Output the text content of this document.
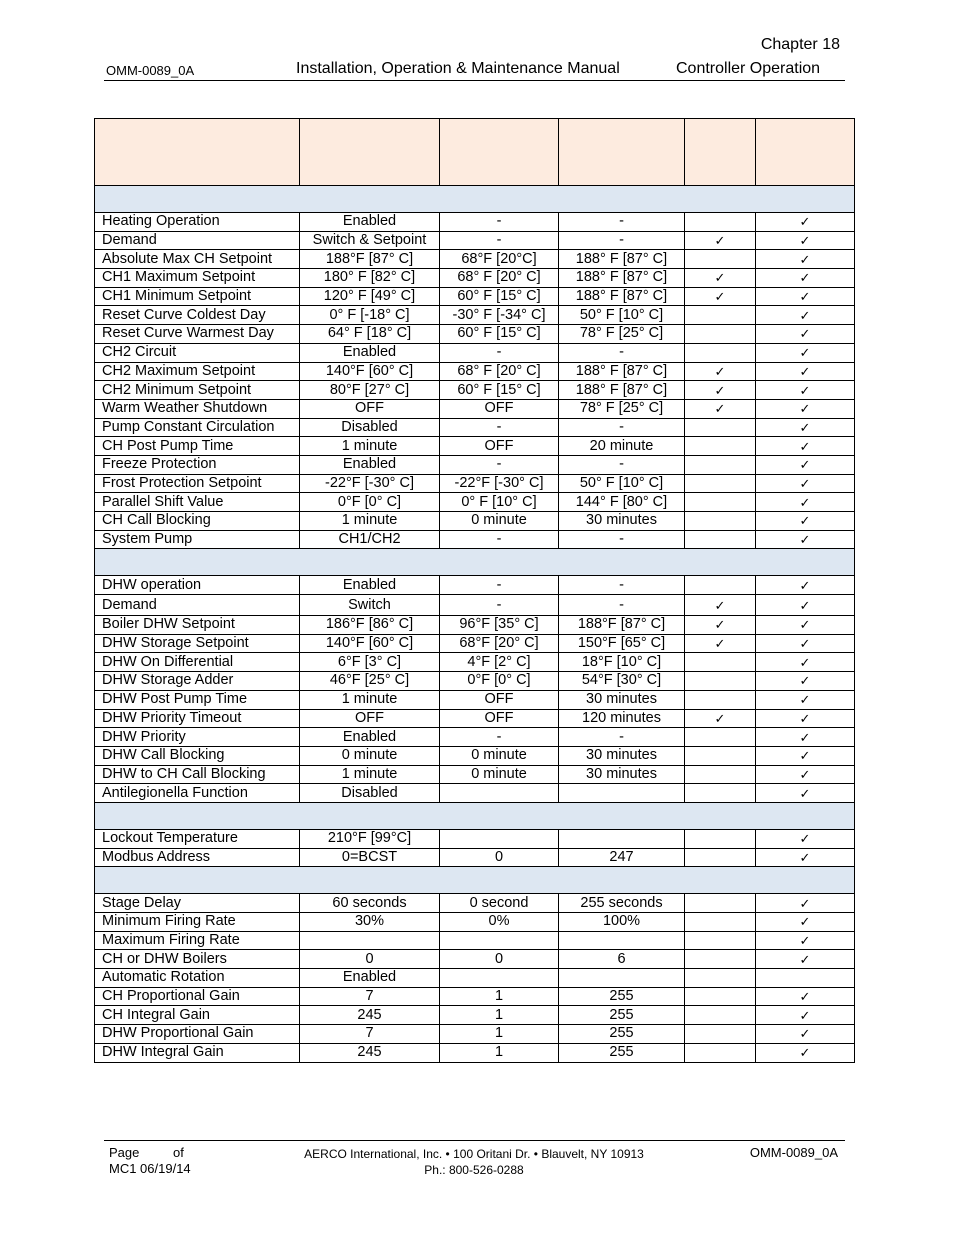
Chapter 18
OMM-0089_0A	Installation, Operation & Maintenance Manual	Controller Operation

Heating Operation	Enabled	-	-		✓
Demand	Switch & Setpoint	-	-	✓	✓
Absolute Max CH Setpoint	188°F [87° C]	68°F [20°C]	188° F [87° C]		✓
CH1 Maximum Setpoint	180° F [82° C]	68° F [20° C]	188° F [87° C]	✓	✓
CH1 Minimum Setpoint	120° F [49° C]	60° F [15° C]	188° F [87° C]	✓	✓
Reset Curve Coldest Day	0° F [-18° C]	-30° F [-34° C]	50° F [10° C]		✓
Reset Curve Warmest Day	64° F [18° C]	60° F [15° C]	78° F [25° C]		✓
CH2 Circuit	Enabled	-	-		✓
CH2 Maximum Setpoint	140°F [60° C]	68° F [20° C]	188° F [87° C]	✓	✓
CH2 Minimum Setpoint	80°F [27° C]	60° F [15° C]	188° F [87° C]	✓	✓
Warm Weather Shutdown	OFF	OFF	78° F [25° C]	✓	✓
Pump Constant Circulation	Disabled	-	-		✓
CH Post Pump Time	1 minute	OFF	20 minute		✓
Freeze Protection	Enabled	-	-		✓
Frost Protection Setpoint	-22°F [-30° C]	-22°F [-30° C]	50° F [10° C]		✓
Parallel Shift Value	0°F [0° C]	0° F [10° C]	144° F [80° C]		✓
CH Call Blocking	1 minute	0 minute	30 minutes		✓
System Pump	CH1/CH2	-	-		✓

DHW operation	Enabled	-	-		✓
Demand	Switch	-	-	✓	✓
Boiler DHW Setpoint	186°F [86° C]	96°F [35° C]	188°F [87° C]	✓	✓
DHW Storage Setpoint	140°F [60° C]	68°F [20° C]	150°F [65° C]	✓	✓
DHW On Differential	6°F [3° C]	4°F [2° C]	18°F [10° C]		✓
DHW Storage Adder	46°F [25° C]	0°F [0° C]	54°F [30° C]		✓
DHW Post Pump Time	1 minute	OFF	30 minutes		✓
DHW Priority Timeout	OFF	OFF	120 minutes	✓	✓
DHW Priority	Enabled	-	-		✓
DHW Call Blocking	0 minute	0 minute	30 minutes		✓
DHW to CH Call Blocking	1 minute	0 minute	30 minutes		✓
Antilegionella Function	Disabled				✓

Lockout Temperature	210°F [99°C]				✓
Modbus Address	0=BCST	0	247		✓

Stage Delay	60 seconds	0 second	255 seconds		✓
Minimum Firing Rate	30%	0%	100%		✓
Maximum Firing Rate					✓
CH or DHW Boilers	0	0	6		✓
Automatic Rotation	Enabled				
CH Proportional Gain	7	1	255		✓
CH Integral Gain	245	1	255		✓
DHW Proportional Gain	7	1	255		✓
DHW Integral Gain	245	1	255		✓
Page	of
MC1 06/19/14
AERCO International, Inc. • 100 Oritani Dr. • Blauvelt, NY 10913
Ph.: 800-526-0288
OMM-0089_0A
